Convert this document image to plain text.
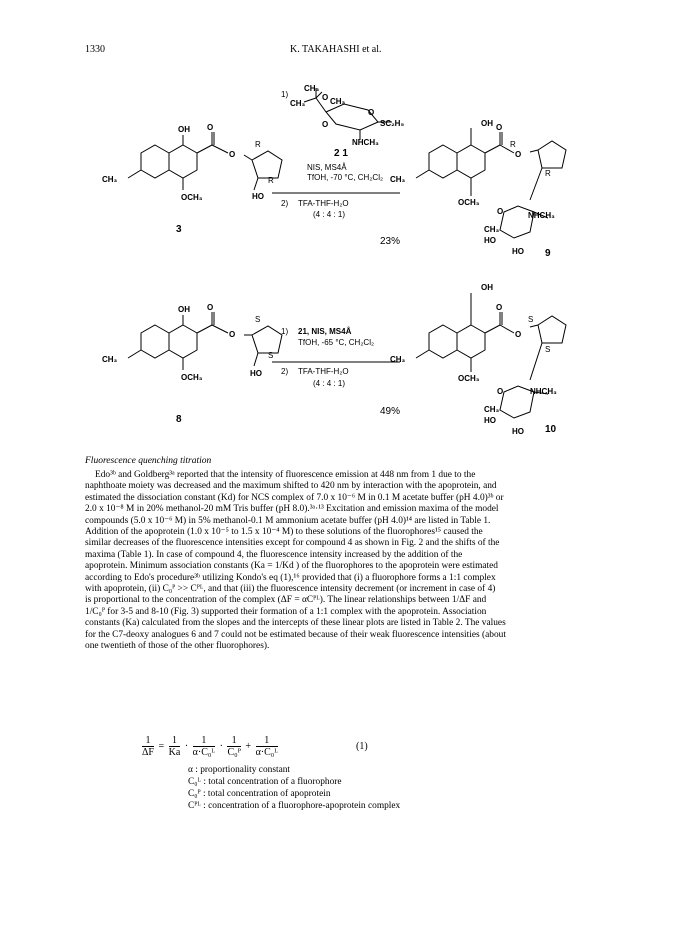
1330	K. TAKAHASHI et al.
OH O
O
R
R
HO
CH₃
OCH₃
3
OH O
O
S
S
HO
CH₃
OCH₃
8
CH₃
CH₃
O CH₃
O
O
SC₂H₅
NHCH₃
2 1
1)
NIS, MS4Å
TfOH, -70 °C, CH₂Cl₂
2) TFA-THF-H₂O
(4 : 4 : 1)
23%
OH O
R
O
R
CH₃
OCH₃
O	NHCH₃
CH₃
HO
HO 9
1) 21, NIS, MS4Å
TfOH, -65 °C, CH₂Cl₂
2) TFA-THF-H₂O
(4 : 4 : 1)
49%
OH
O
S
O
S
CH₃
OCH₃
O	NHCH₃
CH₃
HO
HO 10
Fluorescence quenching titration
Edo³ᵇ and Goldberg³ᵃ reported that the intensity of fluorescence emission at 448 nm from 1 due to the
naphthoate moiety was decreased and the maximum shifted to 420 nm by interaction with the apoprotein, and
estimated the dissociation constant (Kd) for NCS complex of 7.0 x 10⁻⁶ M in 0.1 M acetate buffer (pH 4.0)³ᵇ or
2.0 x 10⁻⁸ M in 20% methanol-20 mM Tris buffer (pH 8.0).³ᵃ·¹³ Excitation and emission maxima of the model
compounds (5.0 x 10⁻⁶ M) in 5% methanol-0.1 M ammonium acetate buffer (pH 4.0)¹⁴ are listed in Table 1.
Addition of the apoprotein (1.0 x 10⁻⁵ to 1.5 x 10⁻⁴ M) to these solutions of the fluorophores¹⁵ caused the
similar decreases of the fluorescence intensities except for compound 4 as shown in Fig. 2 and the shifts of the
maxima (Table 1). In case of compound 4, the fluorescence intensity increased by the addition of the
apoprotein. Minimum association constants (Ka = 1/Kd ) of the fluorophores to the apoprotein were estimated
according to Edo's procedure³ᵇ utilizing Kondo's eq (1),¹⁶ provided that (i) a fluorophore forms a 1:1 complex
with apoprotein, (ii) C₀ᴾ >> Cᴾᴸ, and that (iii) the fluorescence intensity decrement (or increment in case of 4)
is proportional to the concentration of the complex (ΔF = αCᴾᴸ). The linear relationships between 1/ΔF and
1/C₀ᴾ for 3-5 and 8-10 (Fig. 3) supported their formation of a 1:1 complex with the apoprotein. Association
constants (Ka) calculated from the slopes and the intercepts of these linear plots are listed in Table 2. The values
for the C7-deoxy analogues 6 and 7 could not be estimated because of their weak fluorescence intensities (about
one twentieth of those of the other fluorophores).
$\frac{1}{\Delta F} = \frac{1}{Ka} \cdot \frac{1}{\text{α·C₀ᴸ}} \cdot \frac{1}{\text{C₀ᴾ}} + \frac{1}{\text{α·C₀ᴸ}}$	(1)
α : proportionality constant
C₀ᴸ : total concentration of a fluorophore
C₀ᴾ : total concentration of apoprotein
Cᴾᴸ : concentration of a fluorophore-apoprotein complex
